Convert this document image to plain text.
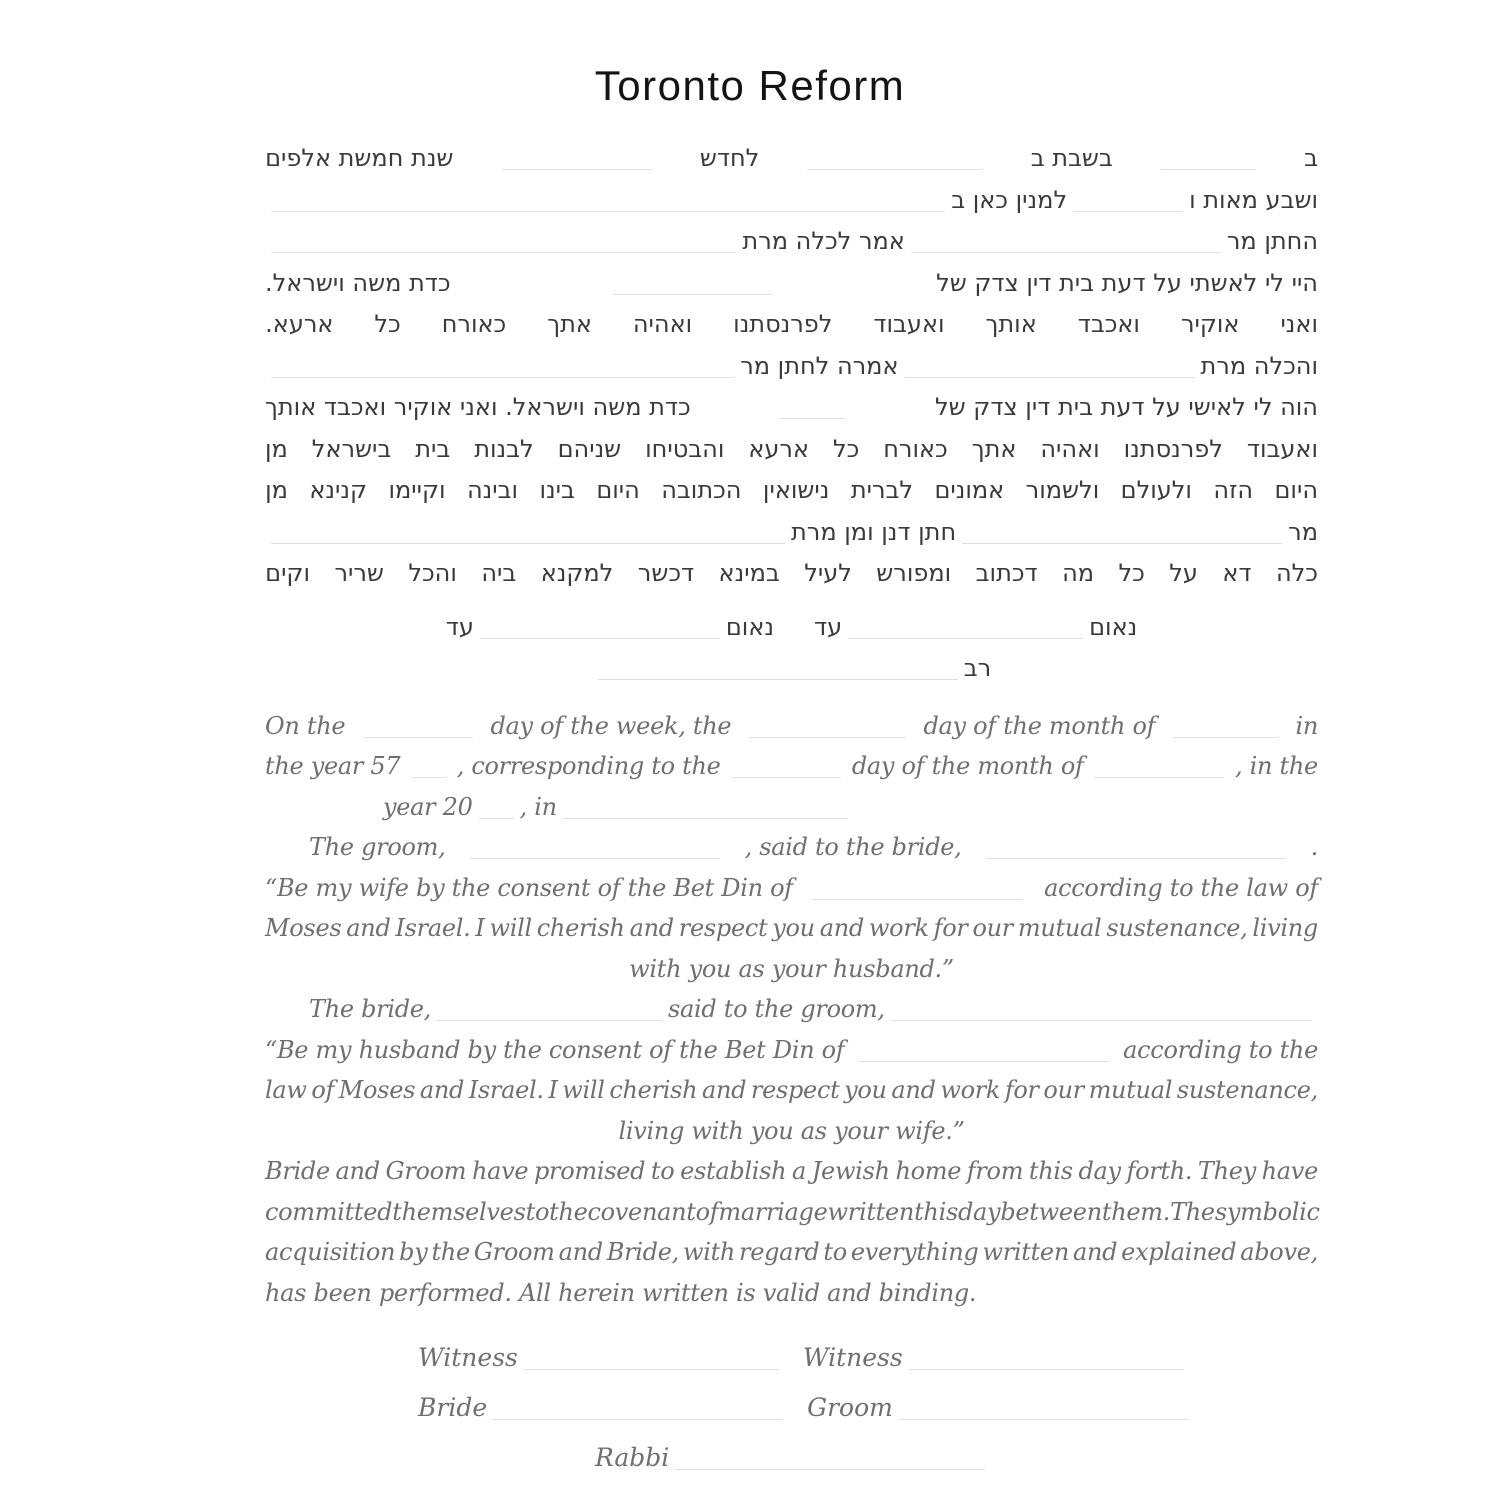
Toronto Reform
ב
בשבת ב
לחדש
שנת חמשת אלפים
ושבע מאות ו
למנין כאן ב
החתן מר
אמר לכלה מרת
היי לי לאשתי על דעת בית דין צדק של
כדת משה וישראל.
ואני
אוקיר
ואכבד
אותך
ואעבוד
לפרנסתנו
ואהיה
אתך
כאורח
כל
ארעא.
והכלה מרת
אמרה לחתן מר
הוה לי לאישי על דעת בית דין צדק של
כדת משה וישראל. ואני אוקיר ואכבד אותך
ואעבוד
לפרנסתנו
ואהיה
אתך
כאורח
כל
ארעא
והבטיחו
שניהם
לבנות
בית
בישראל
מן
היום
הזה
ולעולם
ולשמור
אמונים
לברית
נישואין
הכתובה
היום
בינו
ובינה
וקיימו
קנינא
מן
מר
חתן דנן ומן מרת
כלה
דא
על
כל
מה
דכתוב
ומפורש
לעיל
במינא
דכשר
למקנא
ביה
והכל
שריר
וקים
נאום
עד
נאום
עד
רב
On the	day of the week, the	day of the month of	in
the year 57 , corresponding to the	day of the month of	, in the
year 20 , in
The groom,	, said to the bride,	.
“Be my wife by the consent of the Bet Din of	according to the law of
Moses and Israel. I will cherish and respect you and work for our mutual sustenance, living
with you as your husband.”
The bride,	said to the groom,
“Be my husband by the consent of the Bet Din of	according to the
law of Moses and Israel. I will cherish and respect you and work for our mutual sustenance,
living with you as your wife.”
Bride and Groom have promised to establish a Jewish home from this day forth. They have
committed themselves to the covenant of marriage written this day between them. The symbolic
acquisition by the Groom and Bride, with regard to everything written and explained above,
has been performed. All herein written is valid and binding.
Witness	Witness
Bride	Groom
Rabbi
